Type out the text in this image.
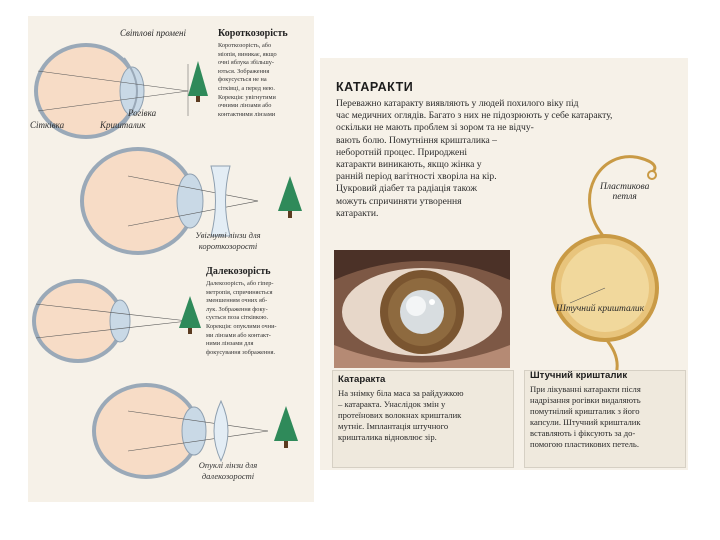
Світлові промені
Рогівка
Сітківка	Кришталик
Короткозорість
Короткозорість, або
міопія, виникає, якщо
очні яблука збільшу-
ються. Зображення
фокусується не на
сітківці, а перед нею.
Корекція: увігнутими
очними лінзами або
контактними лінзами
Увігнуті лінзи для
короткозорості
Далекозорість
Далекозорість, або гіпер-
метропія, спричиняється
зменшенням очних яб-
лук. Зображення фоку-
сується поза сітківкою.
Корекція: опуклими очни-
ми лінзами або контакт-
ними лінзами для
фокусування зображення.
Опуклі лінзи для
далекозорості
КАТАРАКТИ
Переважно катаракту виявляють у людей похилого віку під
час медичних оглядів. Багато з них не підозрюють у себе катаракту,
оскільки не мають проблем зі зором та не відчу-
вають болю. Помутніння кришталика –
неборотній процес. Природжені
катаракти виникають, якщо жінка у
ранній період вагітності хворіла на кір.
Цукровий діабет та радіація також
можуть спричиняти утворення
катаракти.
Пластикова
петля
Штучний кришталик
Катаракта
На знімку біла маса за райдужкою
– катаракта. Унаслідок змін у
протеїнових волокнах кришталик
мутніє. Імплантація штучного
кришталика відновлює зір.
Штучний кришталик
При лікуванні катаракти після
надрізання рогівки видаляють
помутнілий кришталик з його
капсули. Штучний кришталик
вставляють і фіксують за до-
помогою пластикових петель.
